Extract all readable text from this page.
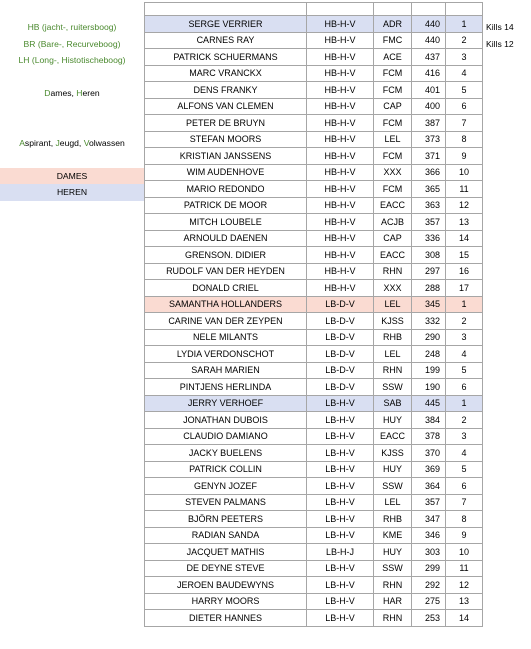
HB (jacht-, ruitersboog)
BR (Bare-, Recurveboog)
LH (Long-, Histotischeboog)
Dames, Heren
Aspirant, Jeugd, Volwassen
DAMES
HEREN

SERGE VERRIER	HB-H-V	ADR	440	1
CARNES RAY	HB-H-V	FMC	440	2
PATRICK SCHUERMANS	HB-H-V	ACE	437	3
MARC VRANCKX	HB-H-V	FCM	416	4
DENS FRANKY	HB-H-V	FCM	401	5
ALFONS VAN CLEMEN	HB-H-V	CAP	400	6
PETER DE BRUYN	HB-H-V	FCM	387	7
STEFAN MOORS	HB-H-V	LEL	373	8
KRISTIAN JANSSENS	HB-H-V	FCM	371	9
WIM AUDENHOVE	HB-H-V	XXX	366	10
MARIO REDONDO	HB-H-V	FCM	365	11
PATRICK DE MOOR	HB-H-V	EACC	363	12
MITCH LOUBELE	HB-H-V	ACJB	357	13
ARNOULD DAENEN	HB-H-V	CAP	336	14
GRENSON. DIDIER	HB-H-V	EACC	308	15
RUDOLF VAN DER HEYDEN	HB-H-V	RHN	297	16
DONALD CRIEL	HB-H-V	XXX	288	17
SAMANTHA HOLLANDERS	LB-D-V	LEL	345	1
CARINE VAN DER ZEYPEN	LB-D-V	KJSS	332	2
NELE MILANTS	LB-D-V	RHB	290	3
LYDIA VERDONSCHOT	LB-D-V	LEL	248	4
SARAH MARIEN	LB-D-V	RHN	199	5
PINTJENS HERLINDA	LB-D-V	SSW	190	6
JERRY VERHOEF	LB-H-V	SAB	445	1
JONATHAN DUBOIS	LB-H-V	HUY	384	2
CLAUDIO DAMIANO	LB-H-V	EACC	378	3
JACKY BUELENS	LB-H-V	KJSS	370	4
PATRICK COLLIN	LB-H-V	HUY	369	5
GENYN JOZEF	LB-H-V	SSW	364	6
STEVEN PALMANS	LB-H-V	LEL	357	7
BJÖRN PEETERS	LB-H-V	RHB	347	8
RADIAN SANDA	LB-H-V	KME	346	9
JACQUET MATHIS	LB-H-J	HUY	303	10
DE DEYNE STEVE	LB-H-V	SSW	299	11
JEROEN BAUDEWYNS	LB-H-V	RHN	292	12
HARRY MOORS	LB-H-V	HAR	275	13
DIETER HANNES	LB-H-V	RHN	253	14
Kills 14
Kills 12
